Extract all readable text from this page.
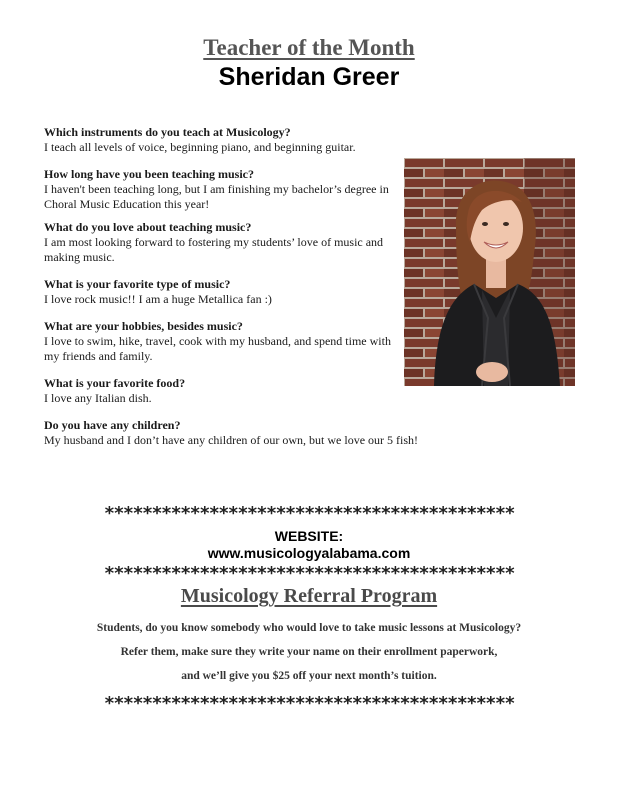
Teacher of the Month
Sheridan Greer
Which instruments do you teach at Musicology?
I teach all levels of voice, beginning piano, and beginning guitar.
How long have you been teaching music?
I haven't been teaching long, but I am finishing my bachelor’s degree in Choral Music Education this year!
What do you love about teaching music?
I am most looking forward to fostering my students’ love of music and making music.
What is your favorite type of music?
I love rock music!! I am a huge Metallica fan :)
What are your hobbies, besides music?
I love to swim, hike, travel, cook with my husband, and spend time with my friends and family.
What is your favorite food?
I love any Italian dish.
Do you have any children?
My husband and I don’t have any children of our own, but we love our 5 fish!
*******************************************
WEBSITE:
www.musicologyalabama.com
*******************************************
Musicology Referral Program
Students, do you know somebody who would love to take music lessons at Musicology?
Refer them, make sure they write your name on their enrollment paperwork,
and we’ll give you $25 off your next month’s tuition.
*******************************************
